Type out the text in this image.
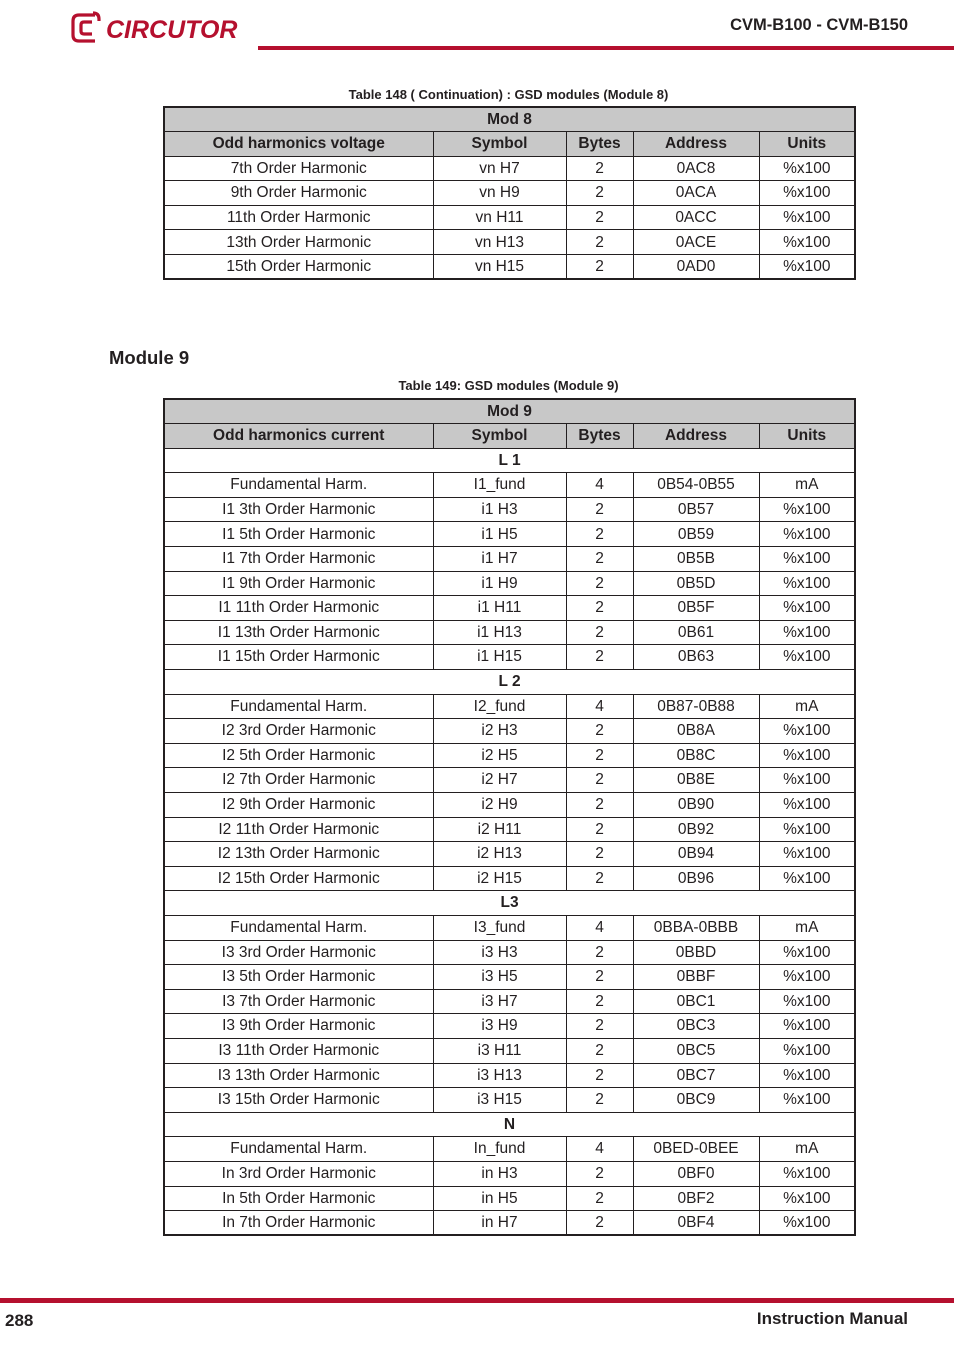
CIRCUTOR	CVM-B100 - CVM-B150
Table 148 ( Continuation) : GSD modules (Module 8)
Mod 8				
Odd harmonics voltage	Symbol	Bytes	Address	Units
7th Order Harmonic	vn H7	2	0AC8	%x100
9th Order Harmonic	vn H9	2	0ACA	%x100
11th Order Harmonic	vn H11	2	0ACC	%x100
13th Order Harmonic	vn H13	2	0ACE	%x100
15th Order Harmonic	vn H15	2	0AD0	%x100
Module 9
Table 149: GSD modules (Module 9)
Mod 9				
Odd harmonics current	Symbol	Bytes	Address	Units
L 1				
Fundamental Harm.	I1_fund	4	0B54-0B55	mA
I1 3th Order Harmonic	i1 H3	2	0B57	%x100
I1 5th Order Harmonic	i1 H5	2	0B59	%x100
I1 7th Order Harmonic	i1 H7	2	0B5B	%x100
I1 9th Order Harmonic	i1 H9	2	0B5D	%x100
I1 11th Order Harmonic	i1 H11	2	0B5F	%x100
I1 13th Order Harmonic	i1 H13	2	0B61	%x100
I1 15th Order Harmonic	i1 H15	2	0B63	%x100
L 2				
Fundamental Harm.	I2_fund	4	0B87-0B88	mA
I2 3rd Order Harmonic	i2 H3	2	0B8A	%x100
I2 5th Order Harmonic	i2 H5	2	0B8C	%x100
I2 7th Order Harmonic	i2 H7	2	0B8E	%x100
I2 9th Order Harmonic	i2 H9	2	0B90	%x100
I2 11th Order Harmonic	i2 H11	2	0B92	%x100
I2 13th Order Harmonic	i2 H13	2	0B94	%x100
I2 15th Order Harmonic	i2 H15	2	0B96	%x100
L3				
Fundamental Harm.	I3_fund	4	0BBA-0BBB	mA
I3 3rd Order Harmonic	i3 H3	2	0BBD	%x100
I3 5th Order Harmonic	i3 H5	2	0BBF	%x100
I3 7th Order Harmonic	i3 H7	2	0BC1	%x100
I3 9th Order Harmonic	i3 H9	2	0BC3	%x100
I3 11th Order Harmonic	i3 H11	2	0BC5	%x100
I3 13th Order Harmonic	i3 H13	2	0BC7	%x100
I3 15th Order Harmonic	i3 H15	2	0BC9	%x100
N				
Fundamental Harm.	In_fund	4	0BED-0BEE	mA
In 3rd Order Harmonic	in H3	2	0BF0	%x100
In 5th Order Harmonic	in H5	2	0BF2	%x100
In 7th Order Harmonic	in H7	2	0BF4	%x100
288	Instruction Manual
